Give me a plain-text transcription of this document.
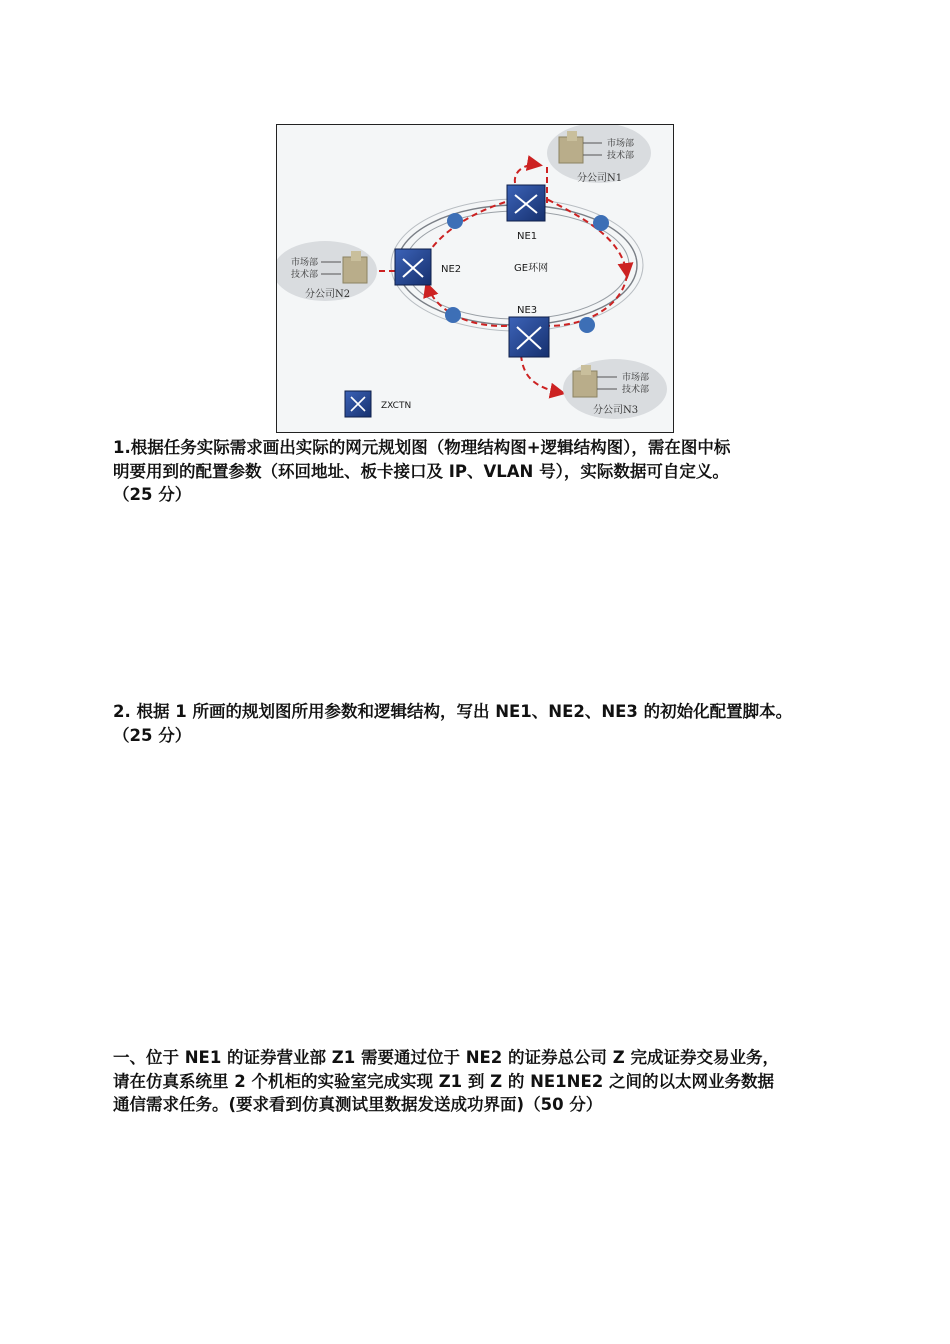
市场部
技术部
分公司N1
市场部
技术部
分公司N2
市场部
技术部
分公司N3
NE1
NE2
NE3
GE环网
ZXCTN

1.根据任务实际需求画出实际的网元规划图（物理结构图+逻辑结构图），需在图中标
明要用到的配置参数（环回地址、板卡接口及 IP、VLAN 号），实际数据可自定义。
（25 分）

2. 根据 1 所画的规划图所用参数和逻辑结构，写出 NE1、NE2、NE3 的初始化配置脚本。
（25 分）

一、位于 NE1 的证券营业部 Z1 需要通过位于 NE2 的证券总公司 Z 完成证券交易业务，
请在仿真系统里 2 个机柜的实验室完成实现 Z1 到 Z 的 NE1NE2 之间的以太网业务数据
通信需求任务。(要求看到仿真测试里数据发送成功界面)（50 分）
